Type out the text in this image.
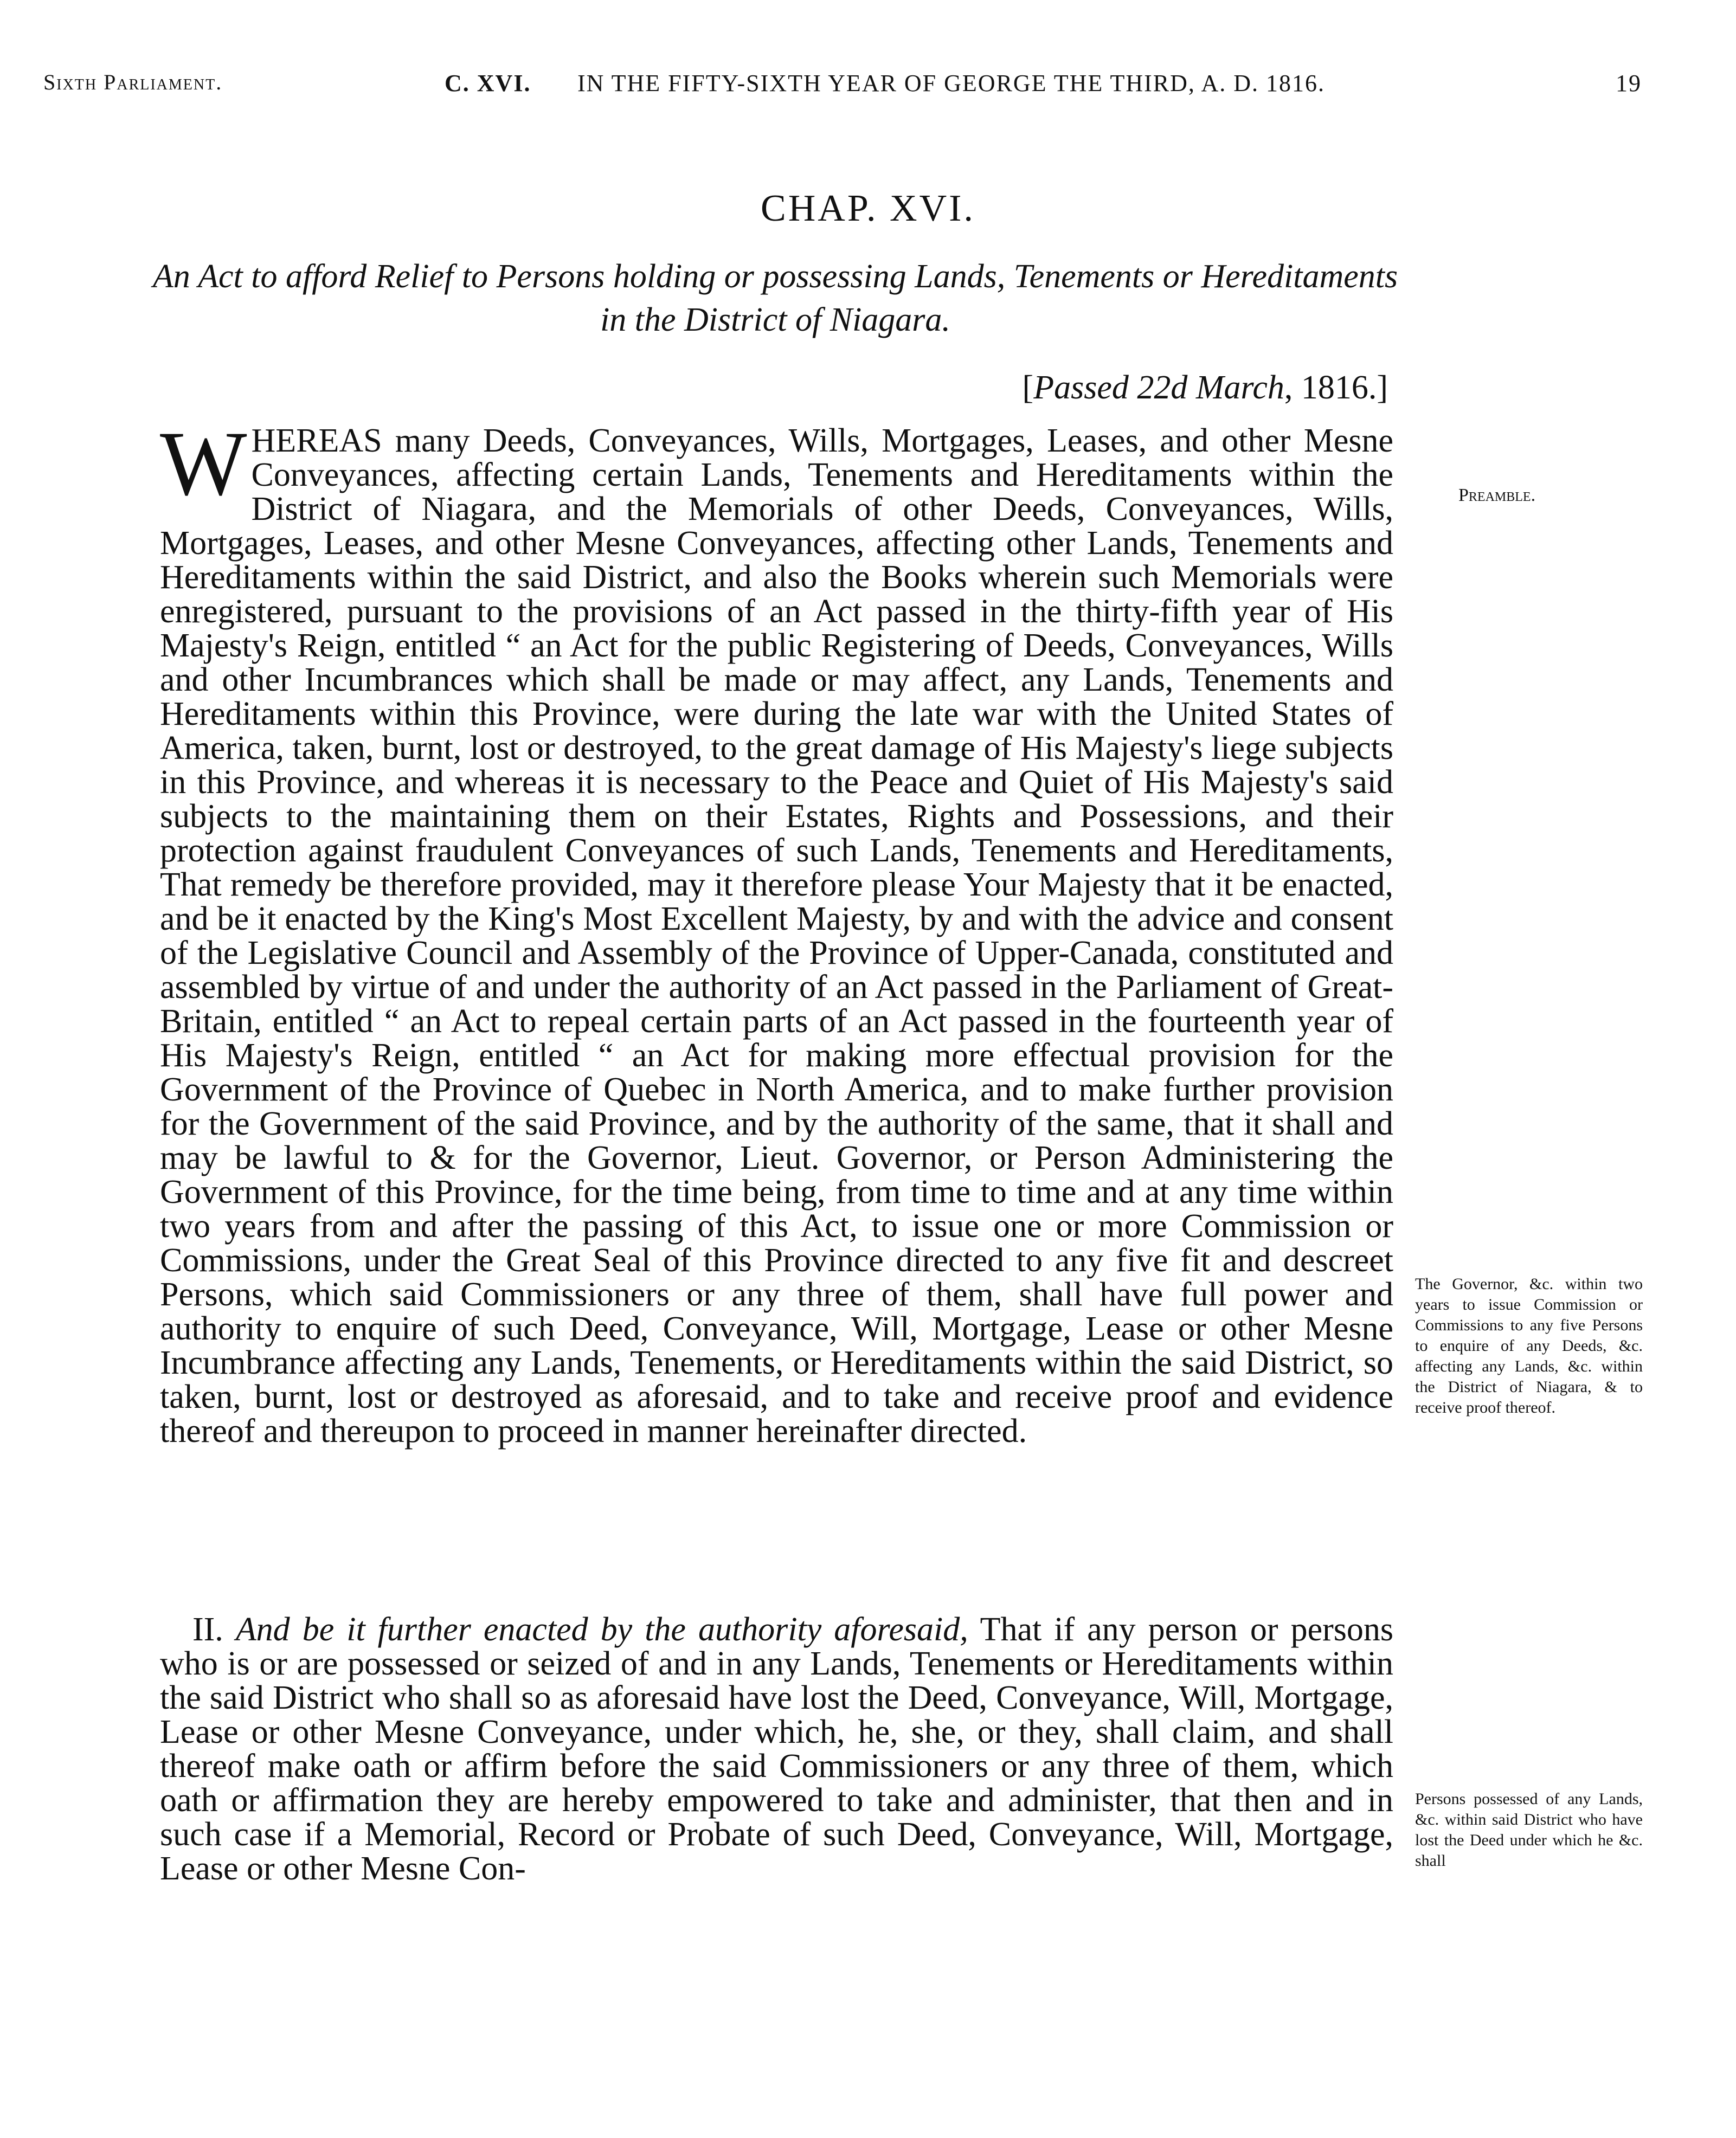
Sixth Parliament.	C. XVI. IN THE FIFTY-SIXTH YEAR OF GEORGE THE THIRD, A. D. 1816.	19
CHAP. XVI.
An Act to afford Relief to Persons holding or possessing Lands, Tenements or Hereditaments in the District of Niagara.
[Passed 22d March, 1816.]
WHEREAS many Deeds, Conveyances, Wills, Mortgages, Leases, and other Mesne Conveyances, affecting certain Lands, Tenements and Hereditaments within the District of Niagara, and the Memorials of other Deeds, Conveyances, Wills, Mortgages, Leases, and other Mesne Conveyances, affecting other Lands, Tenements and Hereditaments within the said District, and also the Books wherein such Memorials were enregistered, pursuant to the provisions of an Act passed in the thirty-fifth year of His Majesty's Reign, entitled “ an Act for the public Registering of Deeds, Conveyances, Wills and other Incumbrances which shall be made or may affect, any Lands, Tenements and Hereditaments within this Province, were during the late war with the United States of America, taken, burnt, lost or destroyed, to the great damage of His Majesty's liege subjects in this Province, and whereas it is necessary to the Peace and Quiet of His Majesty's said subjects to the maintaining them on their Estates, Rights and Possessions, and their protection against fraudulent Conveyances of such Lands, Tenements and Hereditaments, That remedy be therefore provided, may it therefore please Your Majesty that it be enacted, and be it enacted by the King's Most Excellent Majesty, by and with the advice and consent of the Legislative Council and Assembly of the Province of Upper-Canada, constituted and assembled by virtue of and under the authority of an Act passed in the Parliament of Great-Britain, entitled “ an Act to repeal certain parts of an Act passed in the fourteenth year of His Majesty's Reign, entitled “ an Act for making more effectual provision for the Government of the Province of Quebec in North America, and to make further provision for the Government of the said Province, and by the authority of the same, that it shall and may be lawful to & for the Governor, Lieut. Governor, or Person Administering the Government of this Province, for the time being, from time to time and at any time within two years from and after the passing of this Act, to issue one or more Commission or Commissions, under the Great Seal of this Province directed to any five fit and descreet Persons, which said Commissioners or any three of them, shall have full power and authority to enquire of such Deed, Conveyance, Will, Mortgage, Lease or other Mesne Incumbrance affecting any Lands, Tenements, or Hereditaments within the said District, so taken, burnt, lost or destroyed as aforesaid, and to take and receive proof and evidence thereof and thereupon to proceed in manner hereinafter directed.
II. And be it further enacted by the authority aforesaid, That if any person or persons who is or are possessed or seized of and in any Lands, Tenements or Hereditaments within the said District who shall so as aforesaid have lost the Deed, Conveyance, Will, Mortgage, Lease or other Mesne Conveyance, under which, he, she, or they, shall claim, and shall thereof make oath or affirm before the said Commissioners or any three of them, which oath or affirmation they are hereby empowered to take and administer, that then and in such case if a Memorial, Record or Probate of such Deed, Conveyance, Will, Mortgage, Lease or other Mesne Con-
Preamble.
The Governor, &c. within two years to issue Commission or Commissions to any five Persons to enquire of any Deeds, &c. affecting any Lands, &c. within the District of Niagara, & to receive proof thereof.
Persons possessed of any Lands, &c. within said District who have lost the Deed under which he &c. shall
